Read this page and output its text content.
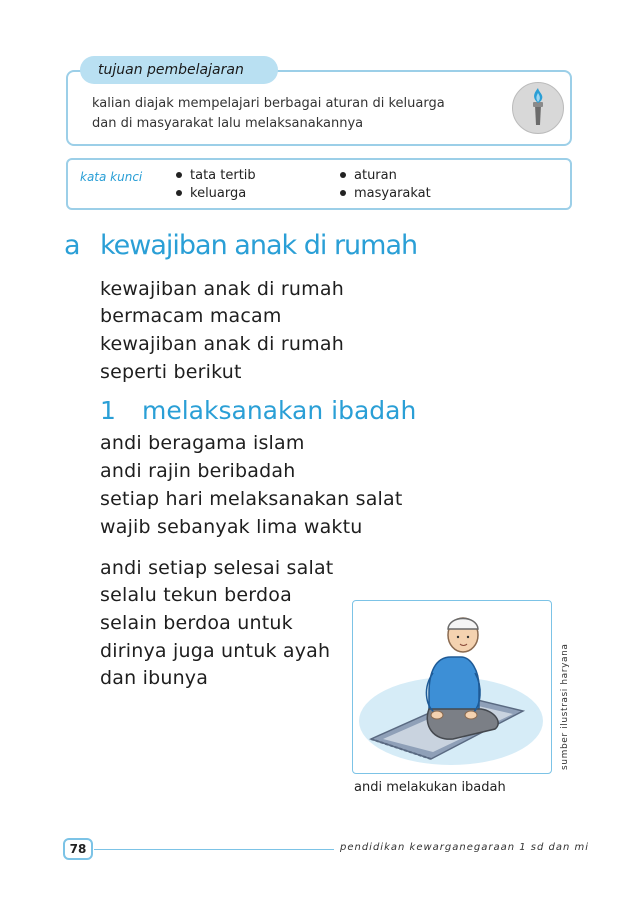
tujuan pembelajaran
kalian diajak mempelajari berbagai aturan di keluarga
dan di masyarakat lalu melaksanakannya
kata kunci	tata tertib
keluarga
aturan
masyarakat
a kewajiban anak di rumah
kewajiban anak di rumah
bermacam macam
kewajiban anak di rumah
seperti berikut
1 melaksanakan ibadah
andi beragama islam
andi rajin beribadah
setiap hari melaksanakan salat
wajib sebanyak lima waktu
andi setiap selesai salat
selalu tekun berdoa
selain berdoa untuk
dirinya juga untuk ayah
dan ibunya
andi melakukan ibadah
sumber ilustrasi haryana
78	pendidikan kewarganegaraan 1 sd dan mi
